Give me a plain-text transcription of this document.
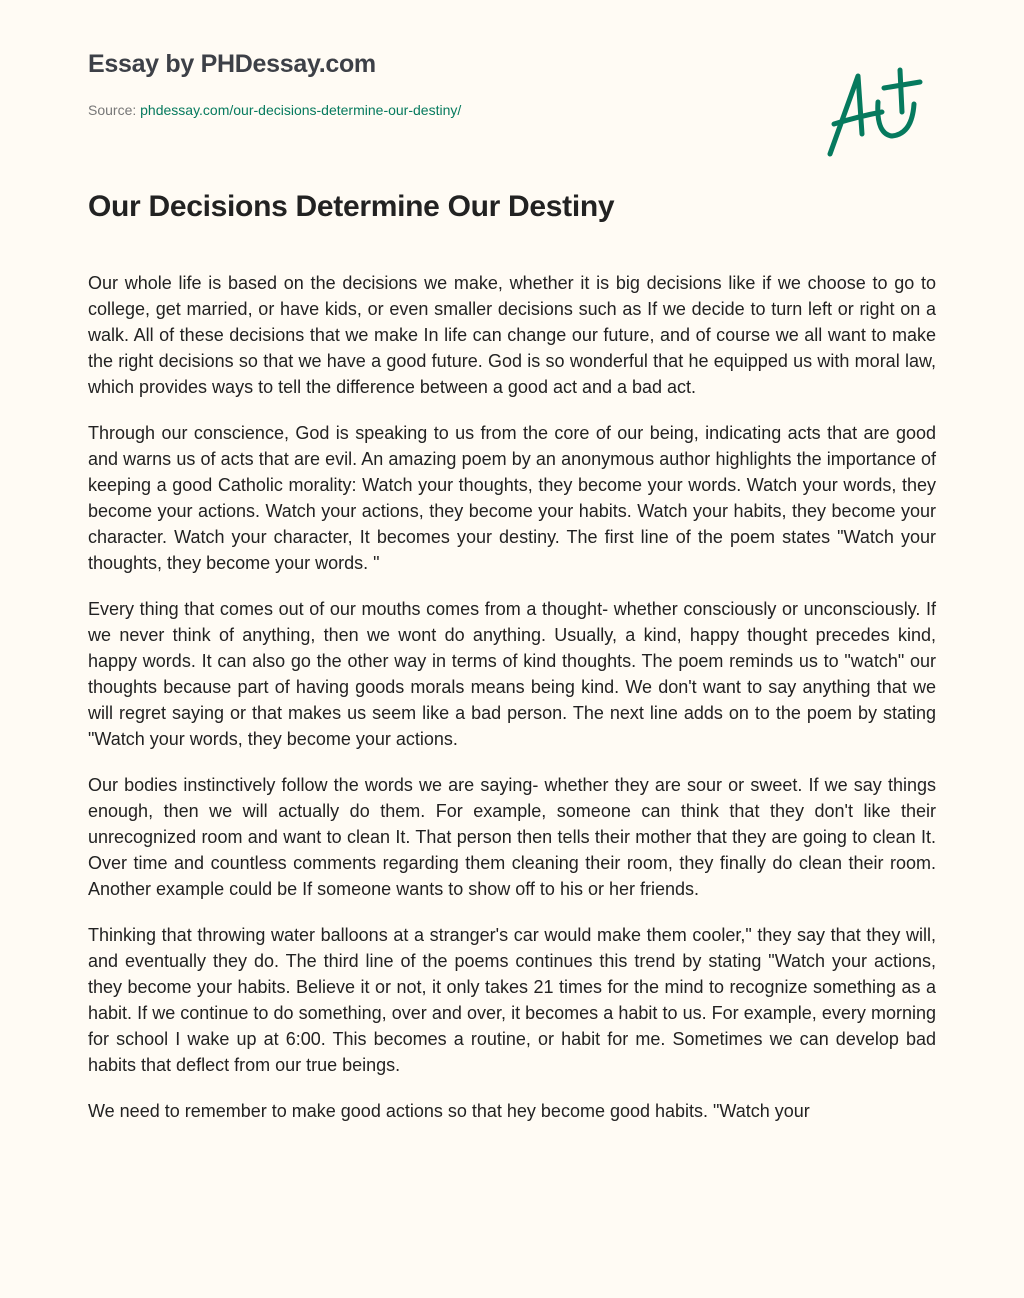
Essay by PHDessay.com
Source: phdessay.com/our-decisions-determine-our-destiny/
Our Decisions Determine Our Destiny

Our whole life is based on the decisions we make, whether it is big decisions like if we choose to go to college, get married, or have kids, or even smaller decisions such as If we decide to turn left or right on a walk. All of these decisions that we make In life can change our future, and of course we all want to make the right decisions so that we have a good future. God is so wonderful that he equipped us with moral law, which provides ways to tell the difference between a good act and a bad act.

Through our conscience, God is speaking to us from the core of our being, indicating acts that are good and warns us of acts that are evil. An amazing poem by an anonymous author highlights the importance of keeping a good Catholic morality: Watch your thoughts, they become your words. Watch your words, they become your actions. Watch your actions, they become your habits. Watch your habits, they become your character. Watch your character, It becomes your destiny. The first line of the poem states "Watch your thoughts, they become your words. "

Every thing that comes out of our mouths comes from a thought- whether consciously or unconsciously. If we never think of anything, then we wont do anything. Usually, a kind, happy thought precedes kind, happy words. It can also go the other way in terms of kind thoughts. The poem reminds us to "watch" our thoughts because part of having goods morals means being kind. We don't want to say anything that we will regret saying or that makes us seem like a bad person. The next line adds on to the poem by stating "Watch your words, they become your actions.

Our bodies instinctively follow the words we are saying- whether they are sour or sweet. If we say things enough, then we will actually do them. For example, someone can think that they don't like their unrecognized room and want to clean It. That person then tells their mother that they are going to clean It. Over time and countless comments regarding them cleaning their room, they finally do clean their room. Another example could be If someone wants to show off to his or her friends.

Thinking that throwing water balloons at a stranger's car would make them cooler," they say that they will, and eventually they do. The third line of the poems continues this trend by stating "Watch your actions, they become your habits. Believe it or not, it only takes 21 times for the mind to recognize something as a habit. If we continue to do something, over and over, it becomes a habit to us. For example, every morning for school I wake up at 6:00. This becomes a routine, or habit for me. Sometimes we can develop bad habits that deflect from our true beings.

We need to remember to make good actions so that hey become good habits. "Watch your
